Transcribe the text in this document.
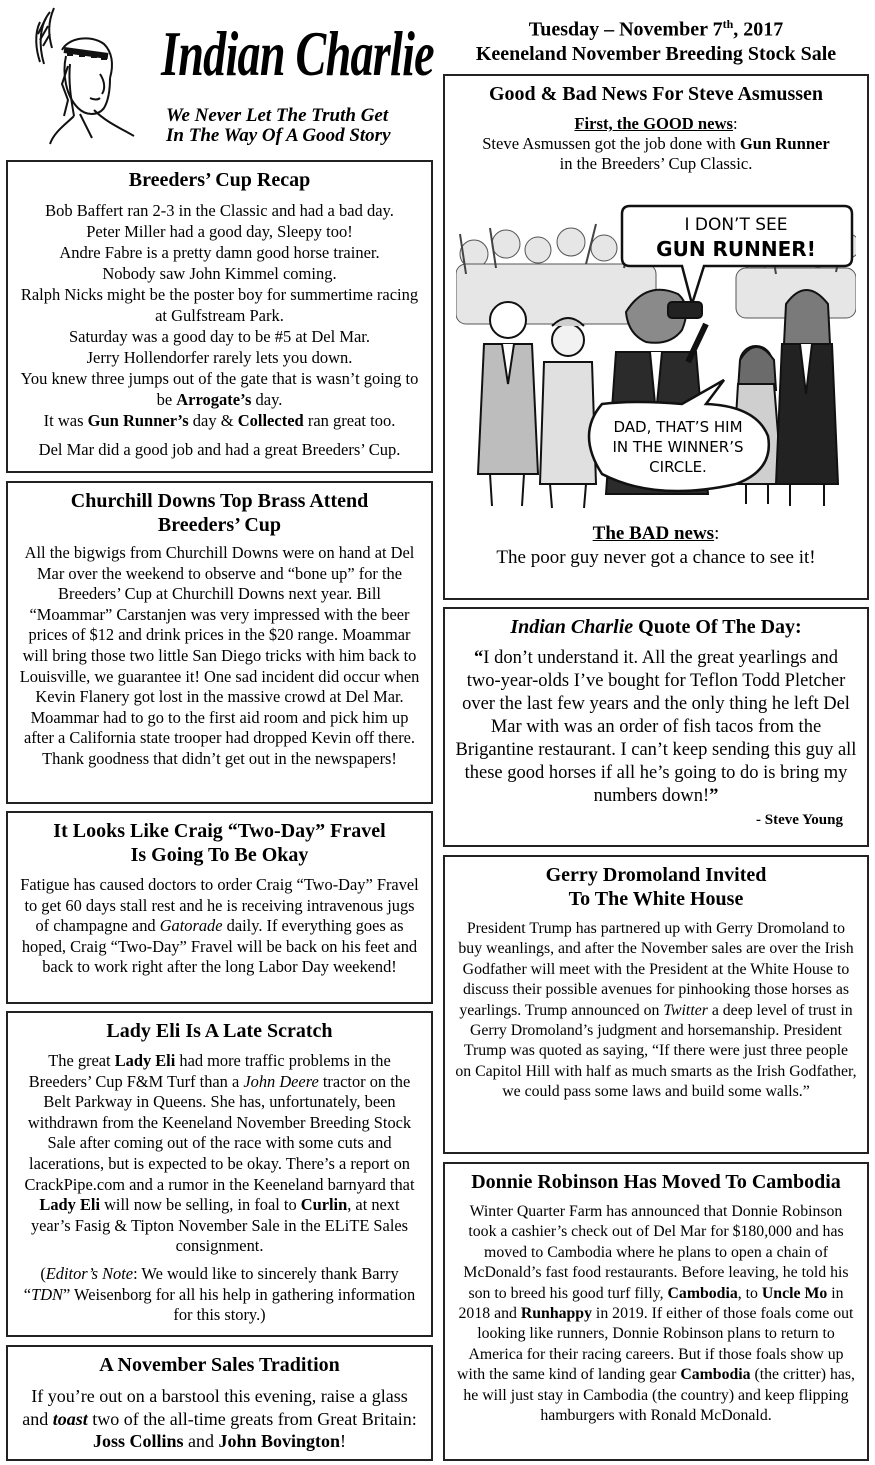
Indian Charlie
We Never Let The Truth Get
In The Way Of A Good Story
Tuesday – November 7th, 2017
Keeneland November Breeding Stock Sale
Breeders’ Cup Recap

Bob Baffert ran 2-3 in the Classic and had a bad day.
Peter Miller had a good day, Sleepy too!
Andre Fabre is a pretty damn good horse trainer.
Nobody saw John Kimmel coming.
Ralph Nicks might be the poster boy for summertime racing at Gulfstream Park.
Saturday was a good day to be #5 at Del Mar.
Jerry Hollendorfer rarely lets you down.
You knew three jumps out of the gate that is wasn’t going to be Arrogate’s day.
It was Gun Runner’s day & Collected ran great too.

Del Mar did a good job and had a great Breeders’ Cup.

Churchill Downs Top Brass Attend
Breeders’ Cup

All the bigwigs from Churchill Downs were on hand at Del Mar over the weekend to observe and “bone up” for the Breeders’ Cup at Churchill Downs next year. Bill “Moammar” Carstanjen was very impressed with the beer prices of $12 and drink prices in the $20 range. Moammar will bring those two little San Diego tricks with him back to Louisville, we guarantee it! One sad incident did occur when Kevin Flanery got lost in the massive crowd at Del Mar. Moammar had to go to the first aid room and pick him up after a California state trooper had dropped Kevin off there. Thank goodness that didn’t get out in the newspapers!

It Looks Like Craig “Two-Day” Fravel
Is Going To Be Okay

Fatigue has caused doctors to order Craig “Two-Day” Fravel to get 60 days stall rest and he is receiving intravenous jugs of champagne and Gatorade daily. If everything goes as hoped, Craig “Two-Day” Fravel will be back on his feet and back to work right after the long Labor Day weekend!

Lady Eli Is A Late Scratch

The great Lady Eli had more traffic problems in the Breeders’ Cup F&M Turf than a John Deere tractor on the Belt Parkway in Queens. She has, unfortunately, been withdrawn from the Keeneland November Breeding Stock Sale after coming out of the race with some cuts and lacerations, but is expected to be okay. There’s a report on CrackPipe.com and a rumor in the Keeneland barnyard that Lady Eli will now be selling, in foal to Curlin, at next year’s Fasig & Tipton November Sale in the ELiTE Sales consignment.

(Editor’s Note: We would like to sincerely thank Barry “TDN” Weisenborg for all his help in gathering information for this story.)

A November Sales Tradition

If you’re out on a barstool this evening, raise a glass and toast two of the all-time greats from Great Britain: Joss Collins and John Bovington!

Good & Bad News For Steve Asmussen

First, the GOOD news:
Steve Asmussen got the job done with Gun Runner
in the Breeders’ Cup Classic.

I DON’T SEE
GUN RUNNER!
DAD, THAT’S HIM
IN THE WINNER’S
CIRCLE.

The BAD news:
The poor guy never got a chance to see it!

Indian Charlie Quote Of The Day:

“I don’t understand it. All the great yearlings and two-year-olds I’ve bought for Teflon Todd Pletcher over the last few years and the only thing he left Del Mar with was an order of fish tacos from the Brigantine restaurant. I can’t keep sending this guy all these good horses if all he’s going to do is bring my numbers down!”

- Steve Young
Gerry Dromoland Invited
To The White House

President Trump has partnered up with Gerry Dromoland to buy weanlings, and after the November sales are over the Irish Godfather will meet with the President at the White House to discuss their possible avenues for pinhooking those horses as yearlings. Trump announced on Twitter a deep level of trust in Gerry Dromoland’s judgment and horsemanship. President Trump was quoted as saying, “If there were just three people on Capitol Hill with half as much smarts as the Irish Godfather, we could pass some laws and build some walls.”

Donnie Robinson Has Moved To Cambodia

Winter Quarter Farm has announced that Donnie Robinson took a cashier’s check out of Del Mar for $180,000 and has moved to Cambodia where he plans to open a chain of McDonald’s fast food restaurants. Before leaving, he told his son to breed his good turf filly, Cambodia, to Uncle Mo in 2018 and Runhappy in 2019. If either of those foals come out looking like runners, Donnie Robinson plans to return to America for their racing careers. But if those foals show up with the same kind of landing gear Cambodia (the critter) has, he will just stay in Cambodia (the country) and keep flipping hamburgers with Ronald McDonald.
